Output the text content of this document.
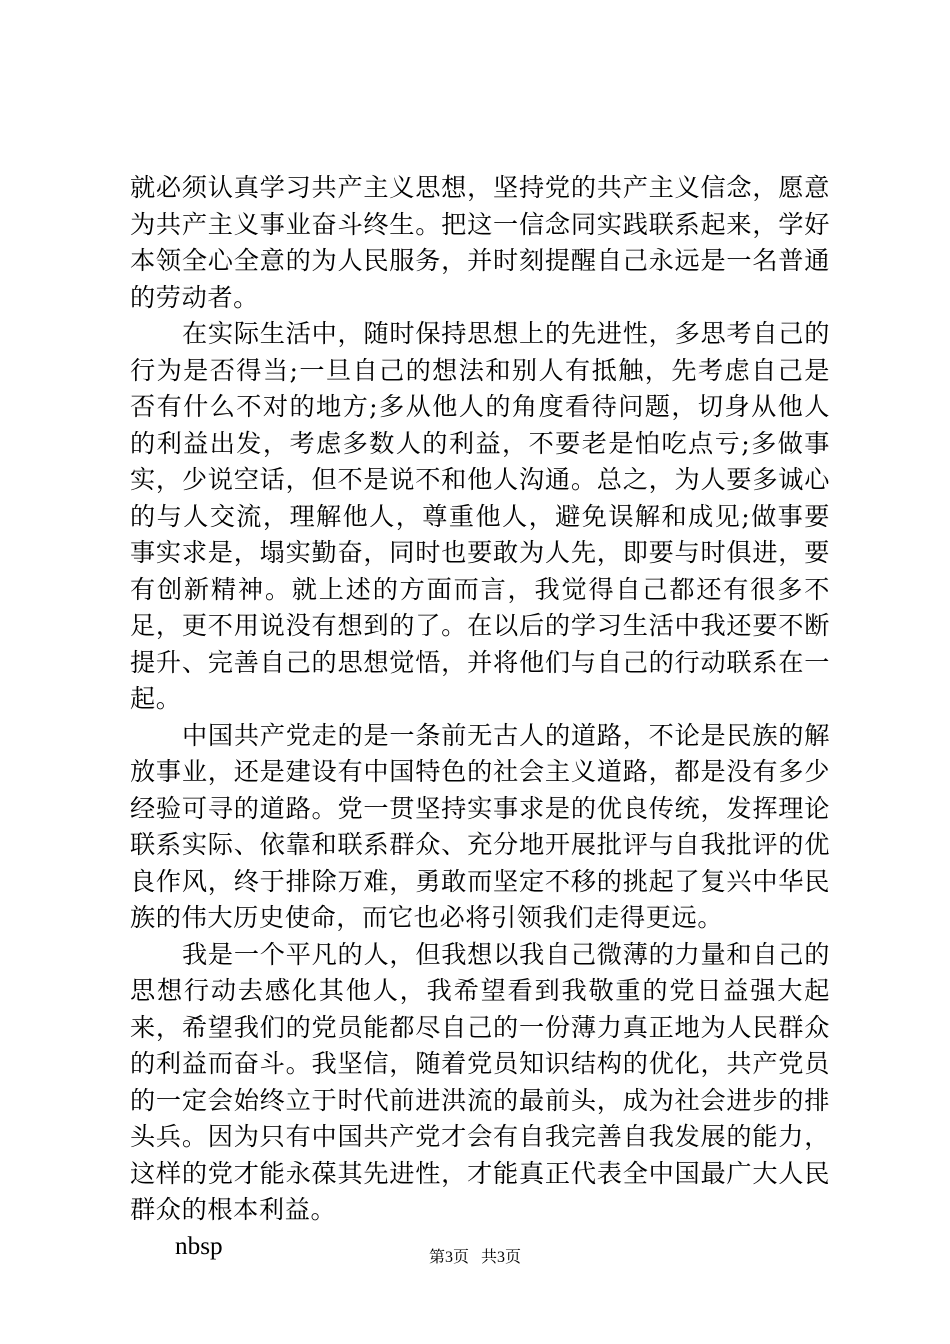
就必须认真学习共产主义思想，坚持党的共产主义信念，愿意为共产主义事业奋斗终生。把这一信念同实践联系起来，学好本领全心全意的为人民服务，并时刻提醒自己永远是一名普通的劳动者。

在实际生活中，随时保持思想上的先进性，多思考自己的行为是否得当;一旦自己的想法和别人有抵触，先考虑自己是否有什么不对的地方;多从他人的角度看待问题，切身从他人的利益出发，考虑多数人的利益，不要老是怕吃点亏;多做事实，少说空话，但不是说不和他人沟通。总之，为人要多诚心的与人交流，理解他人，尊重他人，避免误解和成见;做事要事实求是，塌实勤奋，同时也要敢为人先，即要与时俱进，要有创新精神。就上述的方面而言，我觉得自己都还有很多不足，更不用说没有想到的了。在以后的学习生活中我还要不断提升、完善自己的思想觉悟，并将他们与自己的行动联系在一起。

中国共产党走的是一条前无古人的道路，不论是民族的解放事业，还是建设有中国特色的社会主义道路，都是没有多少经验可寻的道路。党一贯坚持实事求是的优良传统，发挥理论联系实际、依靠和联系群众、充分地开展批评与自我批评的优良作风，终于排除万难，勇敢而坚定不移的挑起了复兴中华民族的伟大历史使命，而它也必将引领我们走得更远。

我是一个平凡的人，但我想以我自己微薄的力量和自己的思想行动去感化其他人，我希望看到我敬重的党日益强大起来，希望我们的党员能都尽自己的一份薄力真正地为人民群众的利益而奋斗。我坚信，随着党员知识结构的优化，共产党员的一定会始终立于时代前进洪流的最前头，成为社会进步的排头兵。因为只有中国共产党才会有自我完善自我发展的能力，这样的党才能永葆其先进性，才能真正代表全中国最广大人民群众的根本利益。

nbsp	第3页 共3页
